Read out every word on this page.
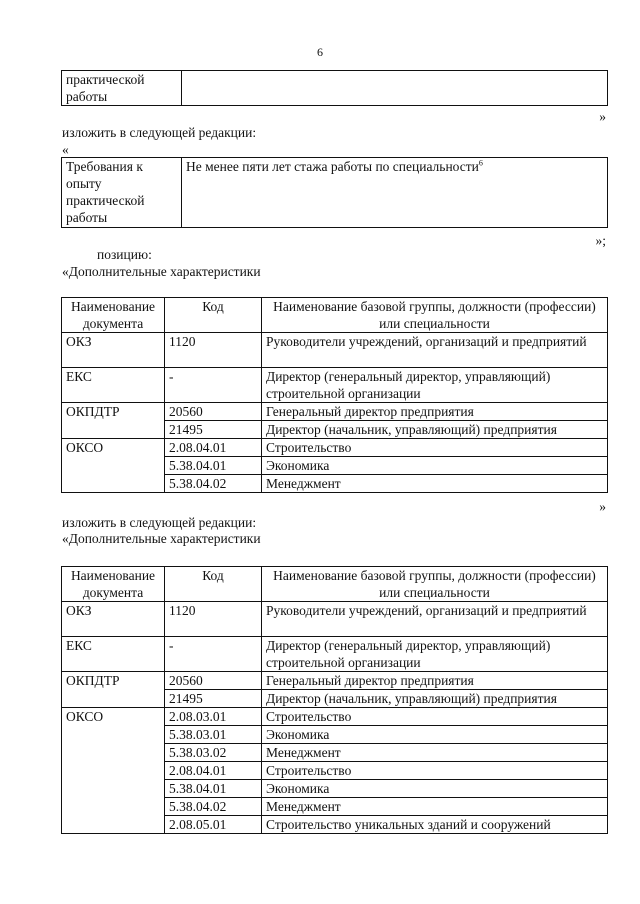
6
практической работы	
»
изложить в следующей редакции:
«
Требования к опыту практической работы	Не менее пяти лет стажа работы по специальности$^6$
»;
позицию:
«Дополнительные характеристики
Наименование документа	Код	Наименование базовой группы, должности (профессии) или специальности
ОКЗ	1120	Руководители учреждений, организаций и предприятий
ЕКС	-	Директор (генеральный директор, управляющий) строительной организации
ОКПДТР	20560	Генеральный директор предприятия
	21495	Директор (начальник, управляющий) предприятия
ОКСО	2.08.04.01	Строительство
	5.38.04.01	Экономика
	5.38.04.02	Менеджмент
»
изложить в следующей редакции:
«Дополнительные характеристики
Наименование документа	Код	Наименование базовой группы, должности (профессии) или специальности
ОКЗ	1120	Руководители учреждений, организаций и предприятий
ЕКС	-	Директор (генеральный директор, управляющий) строительной организации
ОКПДТР	20560	Генеральный директор предприятия
	21495	Директор (начальник, управляющий) предприятия
ОКСО	2.08.03.01	Строительство
	5.38.03.01	Экономика
	5.38.03.02	Менеджмент
	2.08.04.01	Строительство
	5.38.04.01	Экономика
	5.38.04.02	Менеджмент
	2.08.05.01	Строительство уникальных зданий и сооружений
